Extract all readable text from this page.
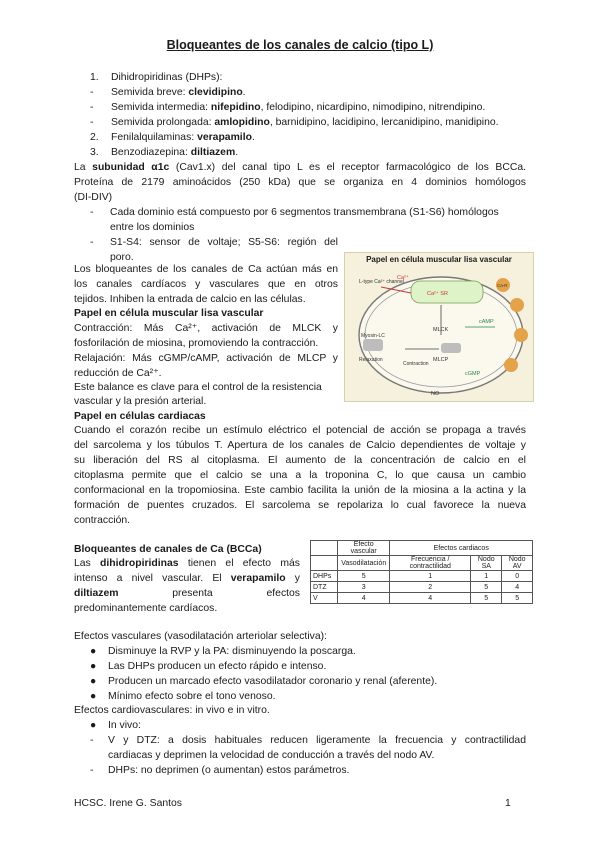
Bloqueantes de los canales de calcio (tipo L)
1. Dihidropiridinas (DHPs):
- Semivida breve: clevidipino.
- Semivida intermedia: nifepidino, felodipino, nicardipino, nimodipino, nitrendipino.
- Semivida prolongada: amlopidino, barnidipino, lacidipino, lercanidipino, manidipino.
2. Fenilalquilaminas: verapamilo.
3. Benzodiazepina: diltiazem.
La subunidad α1c (Cav1.x) del canal tipo L es el receptor farmacológico de los BCCa.
Proteína de 2179 aminoácidos (250 kDa) que se organiza en 4 dominios homólogos
(DI-DIV)
- Cada dominio está compuesto por 6 segmentos transmembrana (S1-S6) homólogos
entre los dominios
- S1-S4: sensor de voltaje; S5-S6: región del
poro.
Los bloqueantes de los canales de Ca actúan más en
los canales cardíacos y vasculares que en otros
tejidos. Inhiben la entrada de calcio en las células.
Papel en célula muscular lisa vascular
Contracción: Más Ca²⁺, activación de MLCK y
fosforilación de miosina, promoviendo la contracción.
Relajación: Más cGMP/cAMP, activación de MLCP y
reducción de Ca²⁺.
Este balance es clave para el control de la resistencia
vascular y la presión arterial.
Papel en célula muscular lisa vascular
L-type Ca²⁺ channel
Ca²⁺
Ca²⁺ SR
MLCK
MLCP
cAMP
cGMP
NO
Myosin-LC
Relaxation
Contraction
Ca-R
Papel en células cardiacas
Cuando el corazón recibe un estímulo eléctrico el potencial de acción se propaga a través
del sarcolema y los túbulos T. Apertura de los canales de Calcio dependientes de voltaje y
su liberación del RS al citoplasma. El aumento de la concentración de calcio en el
citoplasma permite que el calcio se una a la troponina C, lo que causa un cambio
conformacional en la tropomiosina. Este cambio facilita la unión de la miosina a la actina y la
formación de puentes cruzados. El sarcolema se repolariza lo cual favorece la nueva
contracción.
Bloqueantes de canales de Ca (BCCa)
Las dihidropiridinas tienen el efecto más
intenso a nivel vascular. El verapamilo y
diltiazem	presenta	efectos
predominantemente cardíacos.
	Efecto vascular	Efectos cardiacos		
	Vasodilatación	Frecuencia / contractilidad	Nodo SA	Nodo AV
DHPs	5	1	1	0
DTZ	3	2	5	4
V	4	4	5	5
Efectos vasculares (vasodilatación arteriolar selectiva):
● Disminuye la RVP y la PA: disminuyendo la poscarga.
● Las DHPs producen un efecto rápido e intenso.
● Producen un marcado efecto vasodilatador coronario y renal (aferente).
● Mínimo efecto sobre el tono venoso.
Efectos cardiovasculares: in vivo e in vitro.
● In vivo:
- V y DTZ: a dosis habituales reducen ligeramente la frecuencia y contractilidad
cardiacas y deprimen la velocidad de conducción a través del nodo AV.
- DHPs: no deprimen (o aumentan) estos parámetros.
HCSC. Irene G. Santos	1
